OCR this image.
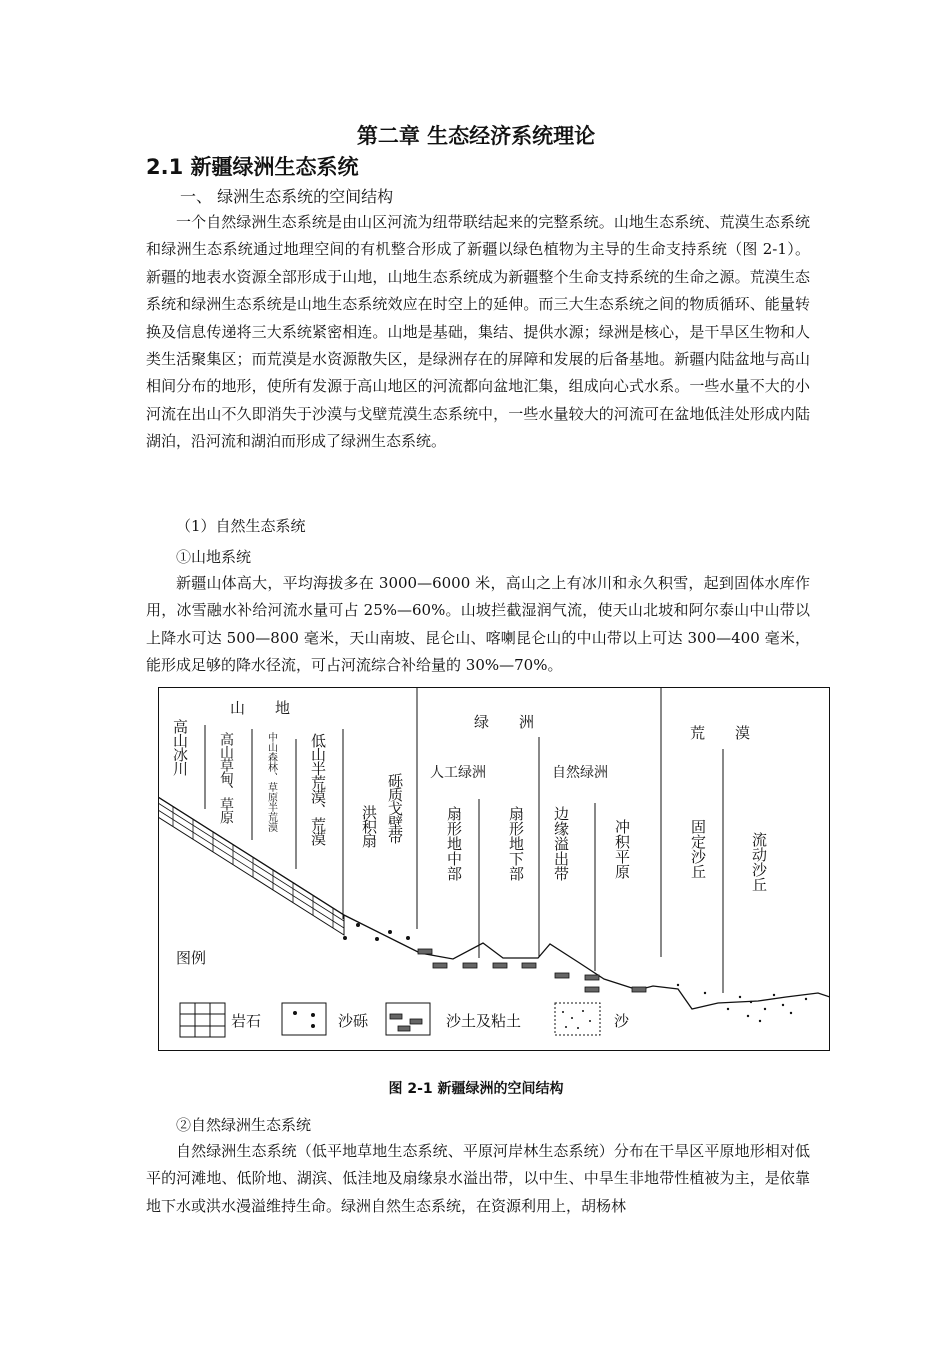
第二章 生态经济系统理论
2.1 新疆绿洲生态系统
一、 绿洲生态系统的空间结构

一个自然绿洲生态系统是由山区河流为纽带联结起来的完整系统。山地生态系统、荒漠生态系统和绿洲生态系统通过地理空间的有机整合形成了新疆以绿色植物为主导的生命支持系统（图 2-1）。新疆的地表水资源全部形成于山地，山地生态系统成为新疆整个生命支持系统的生命之源。荒漠生态系统和绿洲生态系统是山地生态系统效应在时空上的延伸。而三大生态系统之间的物质循环、能量转换及信息传递将三大系统紧密相连。山地是基础，集结、提供水源；绿洲是核心，是干旱区生物和人类生活聚集区；而荒漠是水资源散失区，是绿洲存在的屏障和发展的后备基地。新疆内陆盆地与高山相间分布的地形，使所有发源于高山地区的河流都向盆地汇集，组成向心式水系。一些水量不大的小河流在出山不久即消失于沙漠与戈壁荒漠生态系统中，一些水量较大的河流可在盆地低洼处形成内陆湖泊，沿河流和湖泊而形成了绿洲生态系统。

（1）自然生态系统
①山地系统

新疆山体高大，平均海拔多在 3000—6000 米，高山之上有冰川和永久积雪，起到固体水库作用，冰雪融水补给河流水量可占 25%—60%。山坡拦截湿润气流，使天山北坡和阿尔泰山中山带以上降水可达 500—800 毫米，天山南坡、昆仑山、喀喇昆仑山的中山带以上可达 300—400 毫米，能形成足够的降水径流，可占河流综合补给量的 30%—70%。

山　　地
绿　　洲
荒　　漠
人工绿洲	自然绿洲
高山冰川 高山草甸、草原	中山森林、草原半荒漠 低山半荒漠、荒漠 洪积扇 砾质戈壁带	扇形地中部	扇形地下部 边缘溢出带	冲积平原	固定沙丘	流动沙丘
图例
岩石	沙砾	沙土及粘土	沙
图 2-1 新疆绿洲的空间结构
②自然绿洲生态系统

自然绿洲生态系统（低平地草地生态系统、平原河岸林生态系统）分布在干旱区平原地形相对低平的河滩地、低阶地、湖滨、低洼地及扇缘泉水溢出带，以中生、中旱生非地带性植被为主，是依靠地下水或洪水漫溢维持生命。绿洲自然生态系统，在资源利用上，胡杨林
